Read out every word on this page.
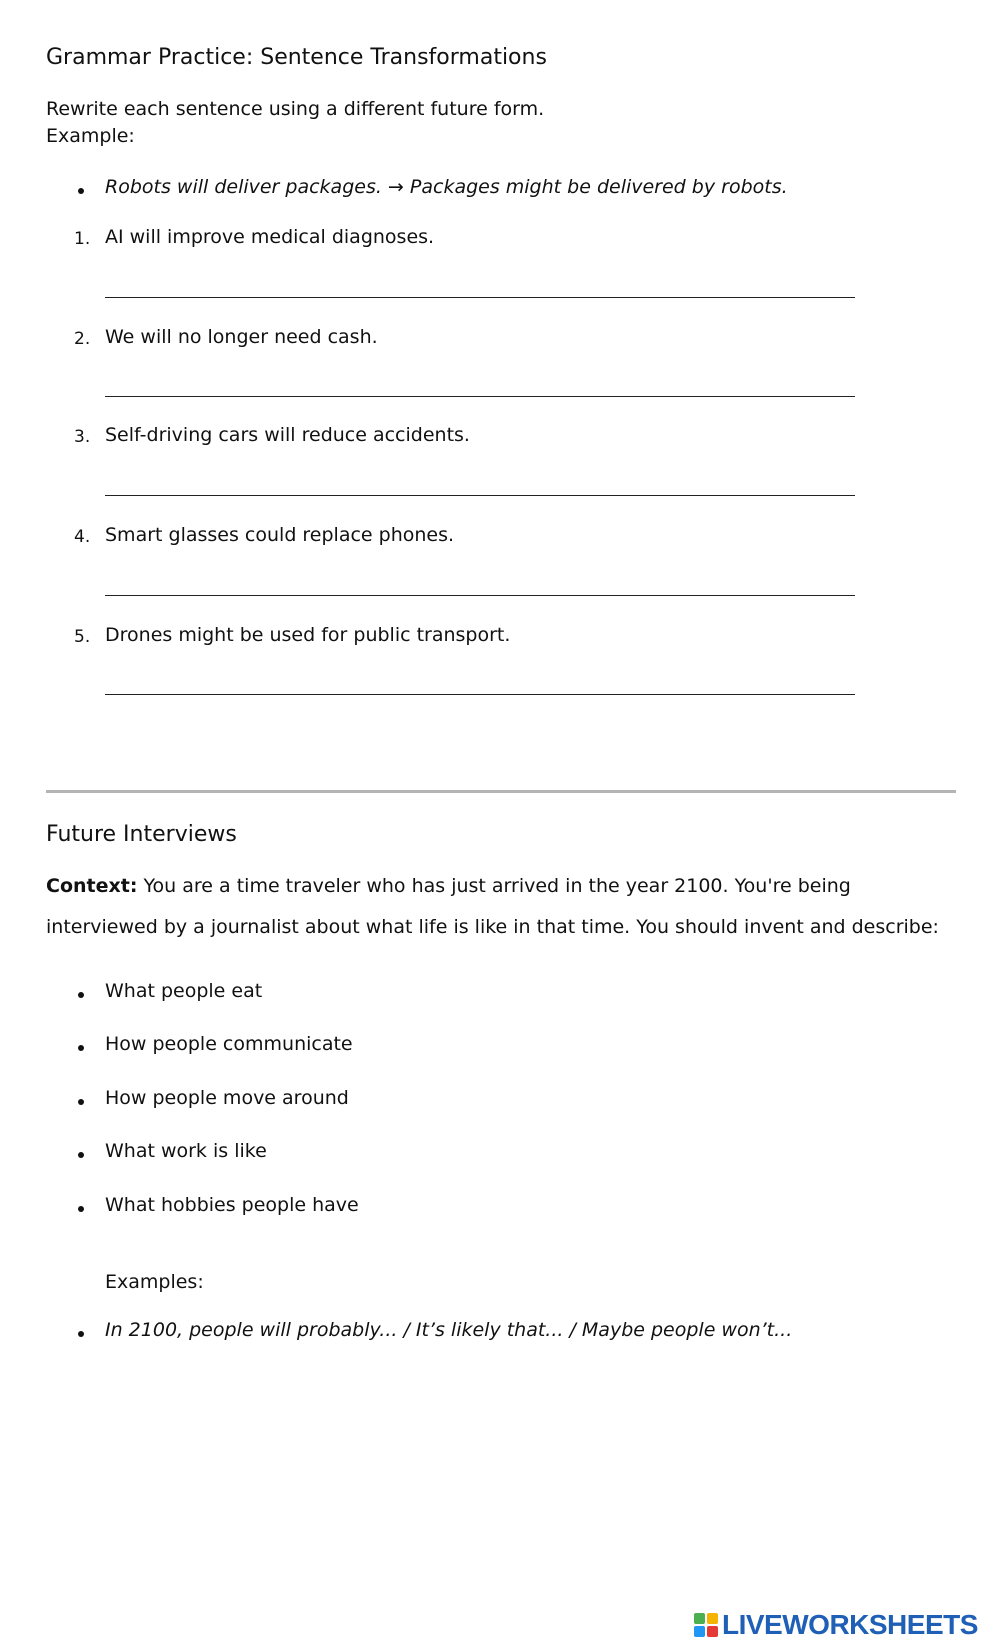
Grammar Practice: Sentence Transformations
Rewrite each sentence using a different future form.
Example:
Robots will deliver packages. → Packages might be delivered by robots.
1. AI will improve medical diagnoses.
2. We will no longer need cash.
3. Self-driving cars will reduce accidents.
4. Smart glasses could replace phones.
5. Drones might be used for public transport.
Future Interviews
Context: You are a time traveler who has just arrived in the year 2100. You're being
interviewed by a journalist about what life is like in that time. You should invent and describe:
What people eat
How people communicate
How people move around
What work is like
What hobbies people have
Examples:
In 2100, people will probably... / It’s likely that... / Maybe people won’t...
LIVEWORKSHEETS
